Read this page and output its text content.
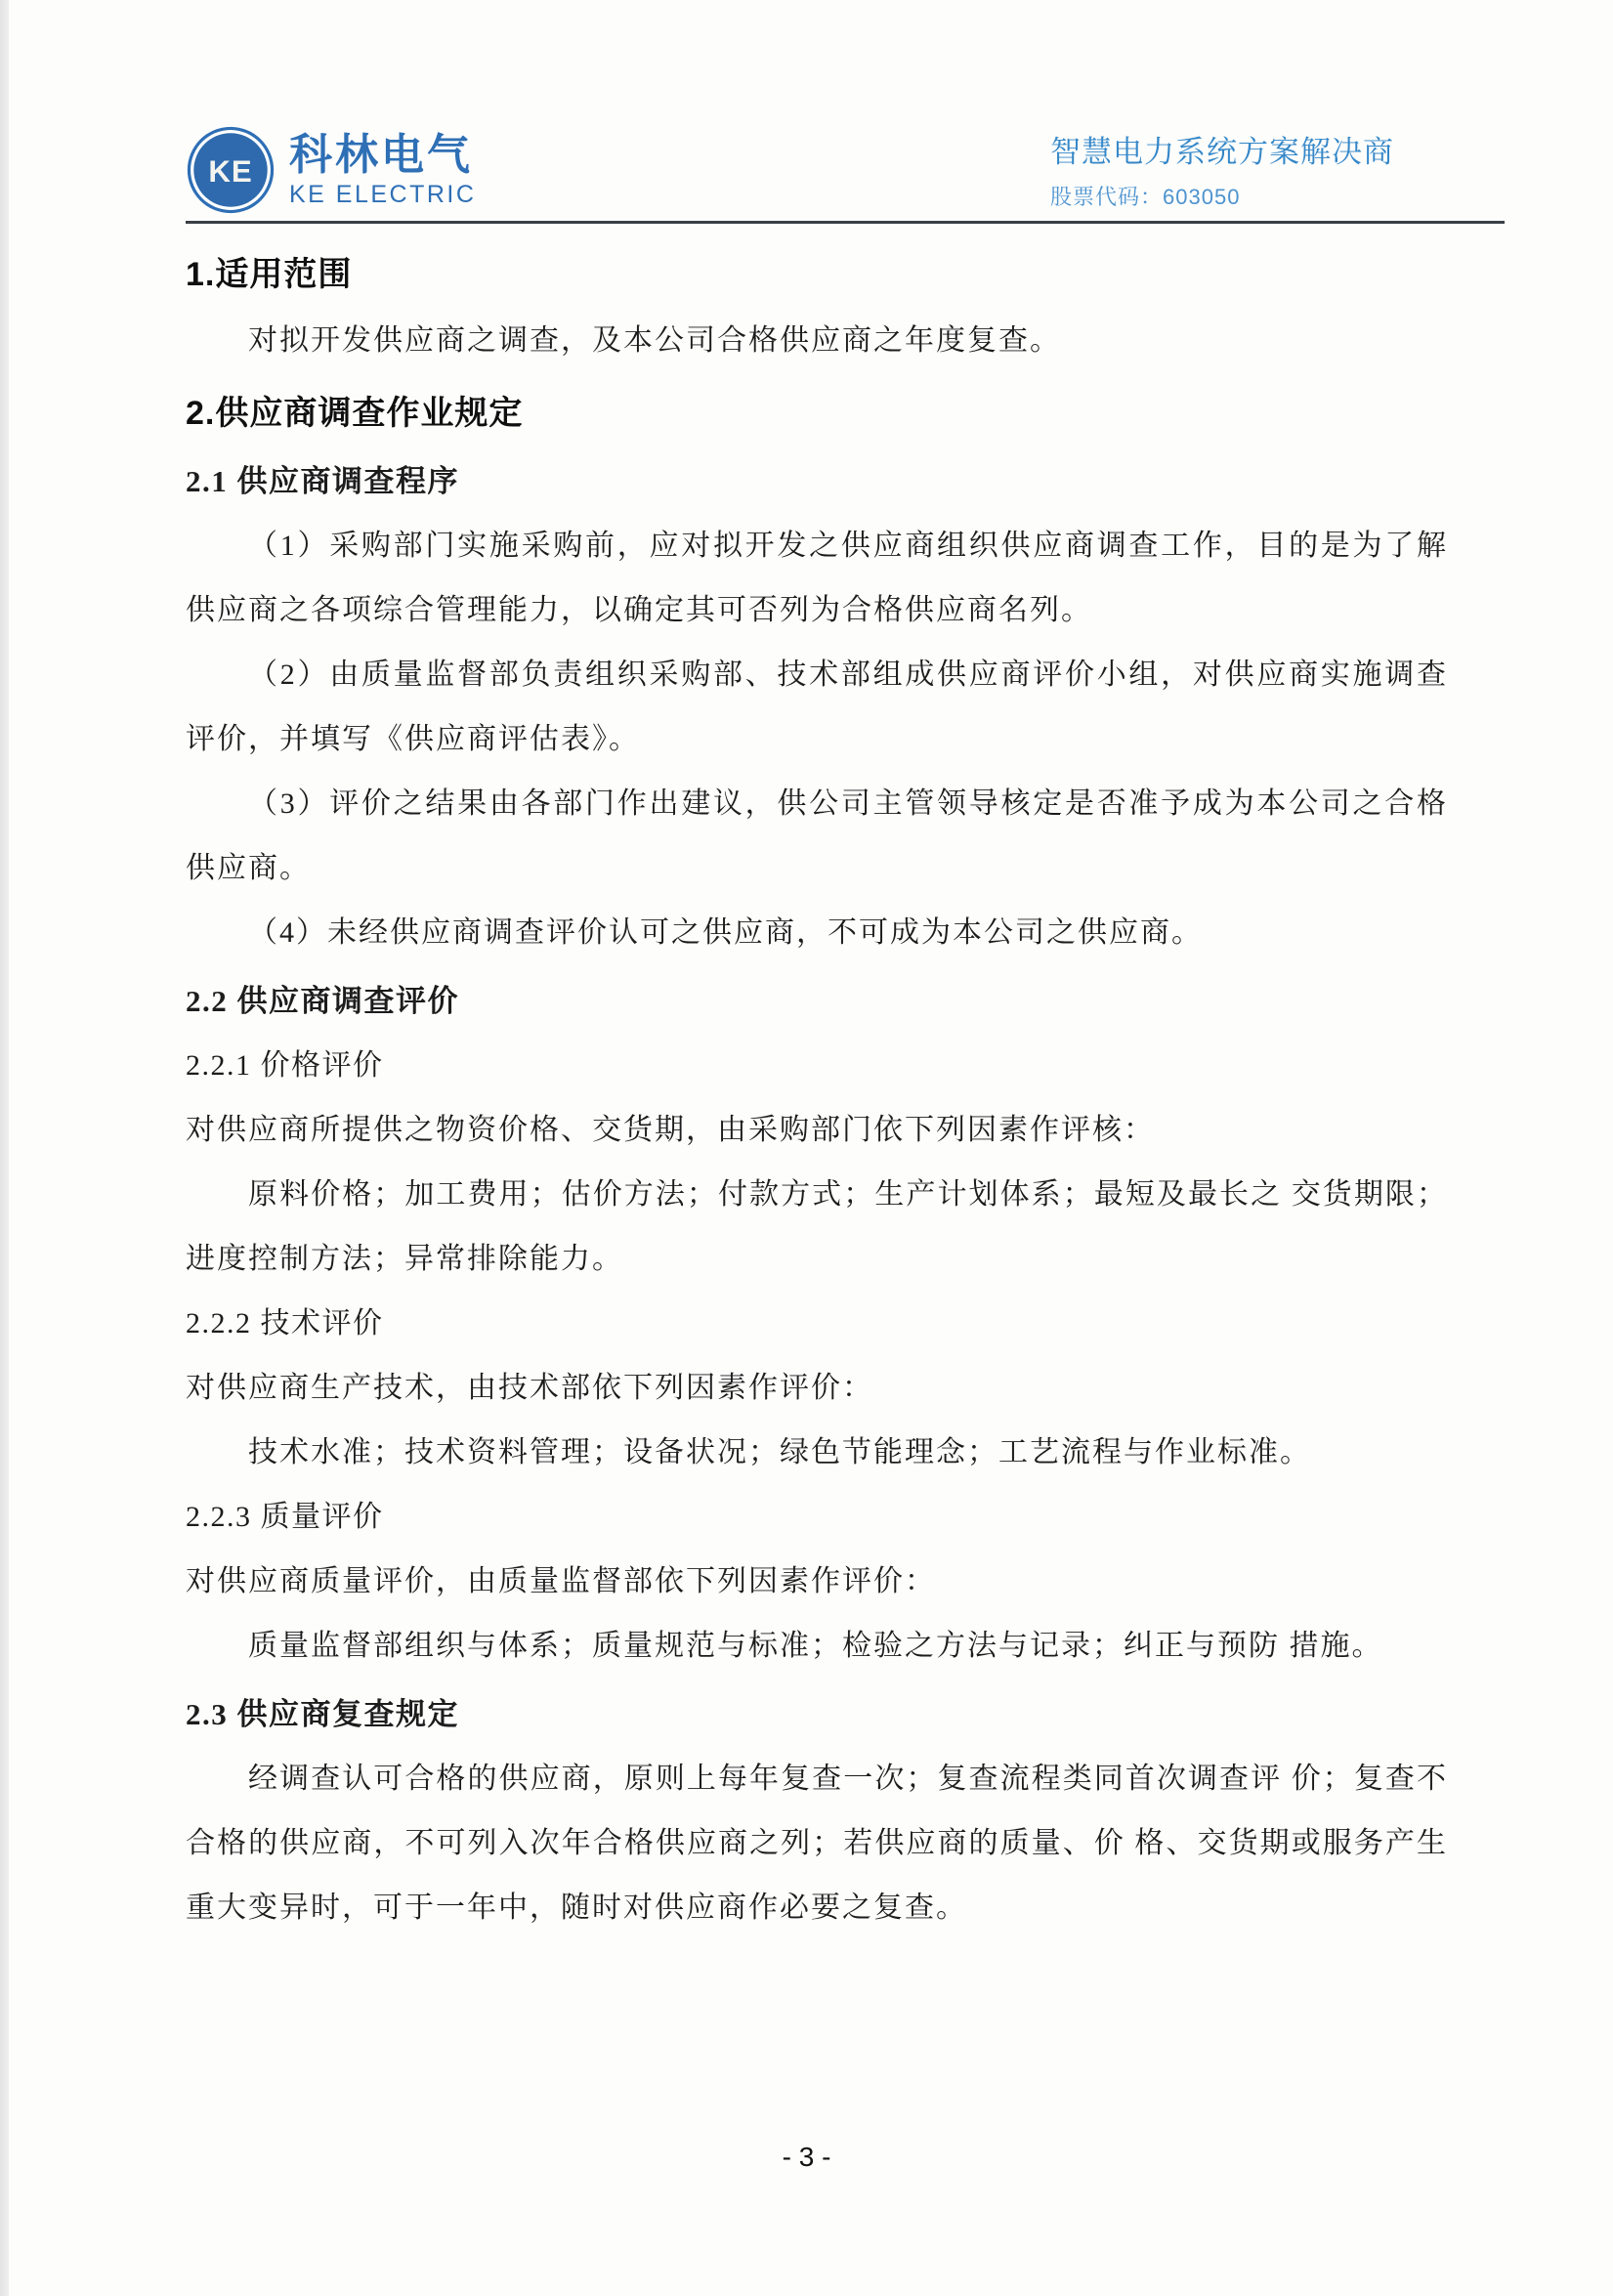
KE 科林电气
KE ELECTRIC
智慧电力系统方案解决商
股票代码：603050
1.适用范围
对拟开发供应商之调查，及本公司合格供应商之年度复查。
2.供应商调查作业规定
2.1 供应商调查程序
（1）采购部门实施采购前，应对拟开发之供应商组织供应商调查工作，目的是为了解供应商之各项综合管理能力，以确定其可否列为合格供应商名列。
（2）由质量监督部负责组织采购部、技术部组成供应商评价小组，对供应商实施调查评价，并填写《供应商评估表》。
（3）评价之结果由各部门作出建议，供公司主管领导核定是否准予成为本公司之合格供应商。
（4）未经供应商调查评价认可之供应商，不可成为本公司之供应商。
2.2 供应商调查评价
2.2.1 价格评价
对供应商所提供之物资价格、交货期，由采购部门依下列因素作评核：
原料价格；加工费用；估价方法；付款方式；生产计划体系；最短及最长之 交货期限；进度控制方法；异常排除能力。
2.2.2 技术评价
对供应商生产技术，由技术部依下列因素作评价：
技术水准；技术资料管理；设备状况；绿色节能理念；工艺流程与作业标准。
2.2.3 质量评价
对供应商质量评价，由质量监督部依下列因素作评价：
质量监督部组织与体系；质量规范与标准；检验之方法与记录；纠正与预防 措施。
2.3 供应商复查规定
经调查认可合格的供应商，原则上每年复查一次；复查流程类同首次调查评 价；复查不合格的供应商，不可列入次年合格供应商之列；若供应商的质量、价 格、交货期或服务产生重大变异时，可于一年中，随时对供应商作必要之复查。
- 3 -
